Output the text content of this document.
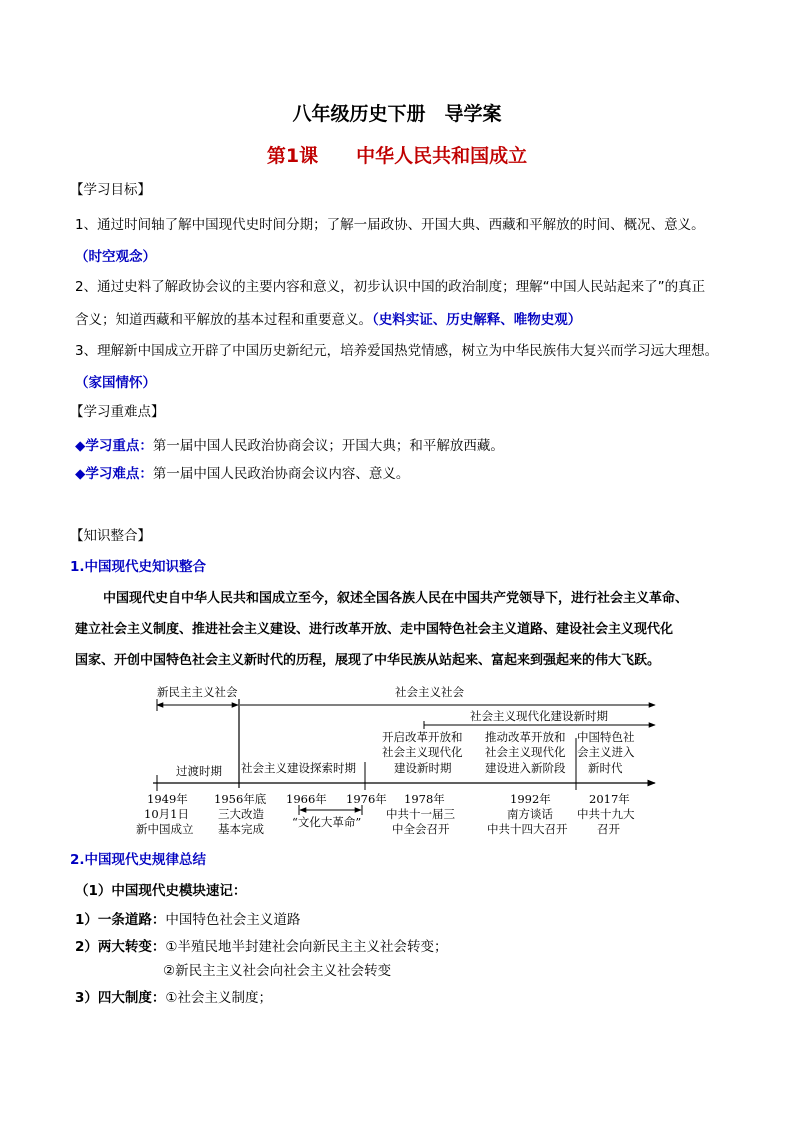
八年级历史下册　导学案
第1课　　中华人民共和国成立
【学习目标】
1、通过时间轴了解中国现代史时间分期；了解一届政协、开国大典、西藏和平解放的时间、概况、意义。
（时空观念）
2、通过史料了解政协会议的主要内容和意义，初步认识中国的政治制度；理解“中国人民站起来了”的真正
含义；知道西藏和平解放的基本过程和重要意义。（史料实证、历史解释、唯物史观）
3、理解新中国成立开辟了中国历史新纪元，培养爱国热党情感，树立为中华民族伟大复兴而学习远大理想。
（家国情怀）
【学习重难点】
◆学习重点：第一届中国人民政治协商会议；开国大典；和平解放西藏。
◆学习难点：第一届中国人民政治协商会议内容、意义。
【知识整合】
1.中国现代史知识整合
中国现代史自中华人民共和国成立至今，叙述全国各族人民在中国共产党领导下，进行社会主义革命、
建立社会主义制度、推进社会主义建设、进行改革开放、走中国特色社会主义道路、建设社会主义现代化
国家、开创中国特色社会主义新时代的历程，展现了中华民族从站起来、富起来到强起来的伟大飞跃。
新民主主义社会	社会主义社会
社会主义现代化建设新时期
开启改革开放和
社会主义现代化
建设新时期
推动改革开放和
社会主义现代化
建设进入新阶段
中国特色社
会主义进入
新时代
过渡时期 社会主义建设探索时期
1949年
10月1日
新中国成立
1956年底
三大改造
基本完成
1966年 1976年
“文化大革命”
1978年
中共十一届三
中全会召开
1992年
南方谈话
中共十四大召开
2017年
中共十九大
召开
2.中国现代史规律总结
（1）中国现代史模块速记：
1）一条道路：中国特色社会主义道路
2）两大转变：①半殖民地半封建社会向新民主主义社会转变；
②新民主主义社会向社会主义社会转变
3）四大制度：①社会主义制度；
